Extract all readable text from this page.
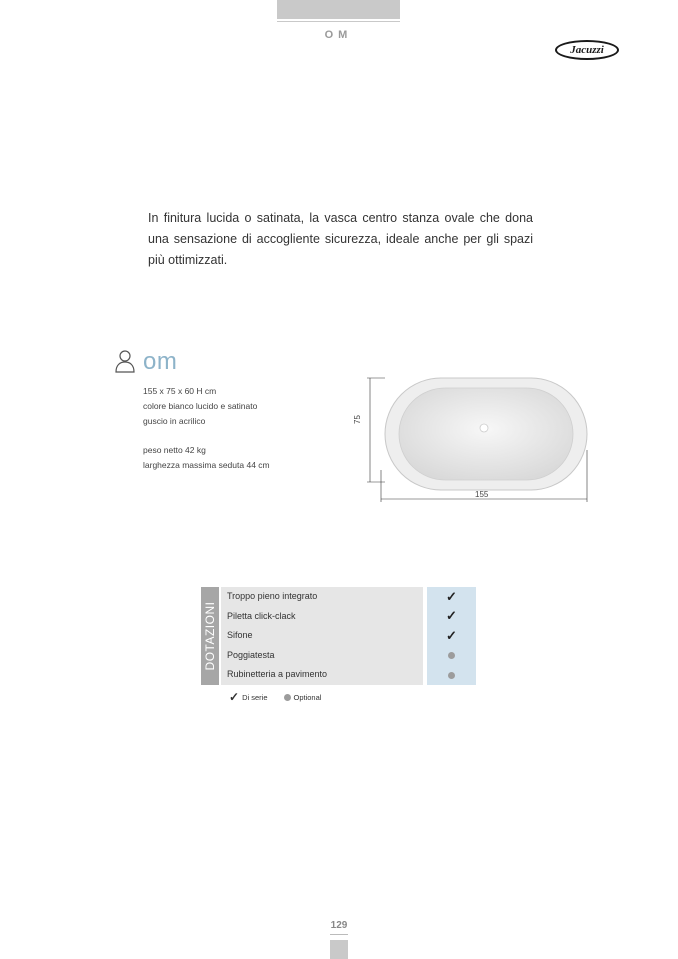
OM
Jacuzzi

In finitura lucida o satinata, la vasca centro stanza ovale che dona una sensazione di accogliente sicurezza, ideale anche per gli spazi più ottimizzati.

om
155 x 75 x 60 H cm
colore bianco lucido e satinato
guscio in acrilico
peso netto 42 kg
larghezza massima seduta 44 cm
155
75
DOTAZIONI
Troppo pieno integrato
Piletta click-clack
Sifone
Poggiatesta
Rubinetteria a pavimento
✓
✓
✓
✓ Di serie	Optional
129
